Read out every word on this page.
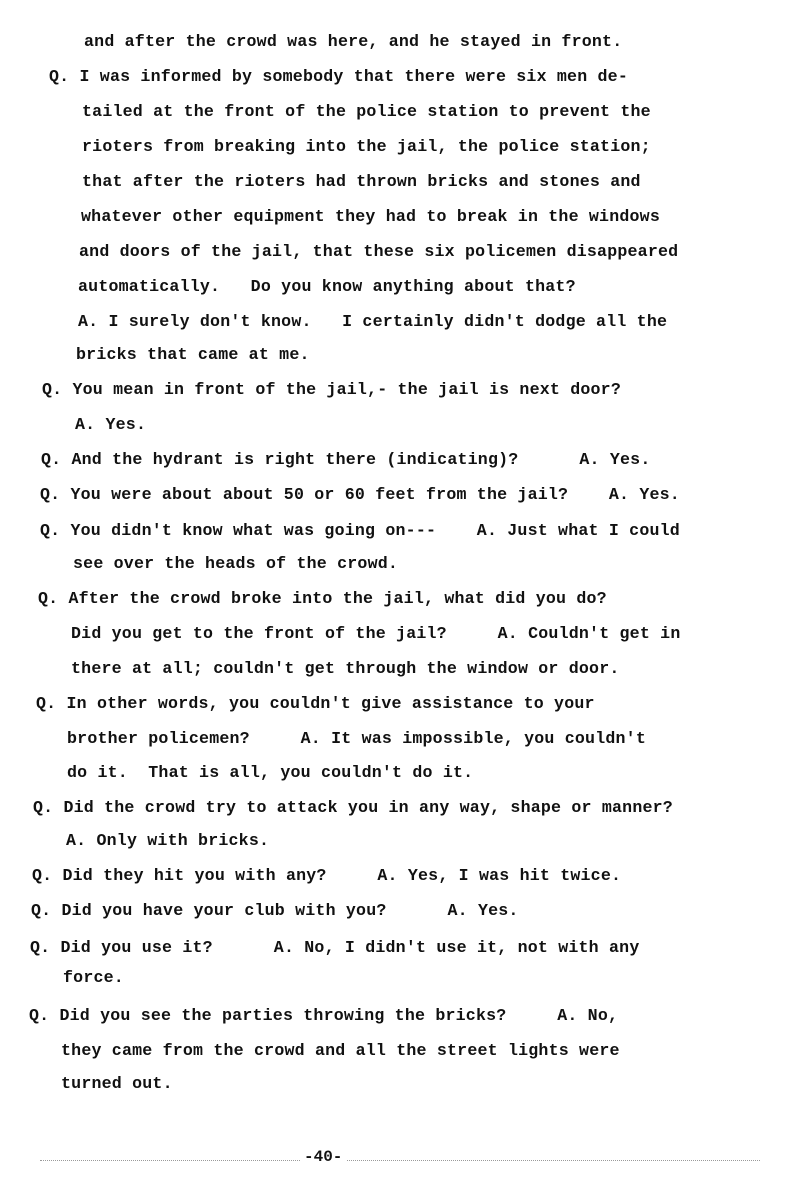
and after the crowd was here, and he stayed in front.
Q. I was informed by somebody that there were six men de-
tailed at the front of the police station to prevent the
rioters from breaking into the jail, the police station;
that after the rioters had thrown bricks and stones and
whatever other equipment they had to break in the windows
and doors of the jail, that these six policemen disappeared
automatically.   Do you know anything about that?
A. I surely don't know.   I certainly didn't dodge all the
bricks that came at me.
Q. You mean in front of the jail,- the jail is next door?
A. Yes.
Q. And the hydrant is right there (indicating)?      A. Yes.
Q. You were about about 50 or 60 feet from the jail?    A. Yes.
Q. You didn't know what was going on---    A. Just what I could
see over the heads of the crowd.
Q. After the crowd broke into the jail, what did you do?
Did you get to the front of the jail?     A. Couldn't get in
there at all; couldn't get through the window or door.
Q. In other words, you couldn't give assistance to your
brother policemen?     A. It was impossible, you couldn't
do it.  That is all, you couldn't do it.
Q. Did the crowd try to attack you in any way, shape or manner?
A. Only with bricks.
Q. Did they hit you with any?     A. Yes, I was hit twice.
Q. Did you have your club with you?      A. Yes.
Q. Did you use it?      A. No, I didn't use it, not with any
force.
Q. Did you see the parties throwing the bricks?     A. No,
they came from the crowd and all the street lights were
turned out.
-40-
